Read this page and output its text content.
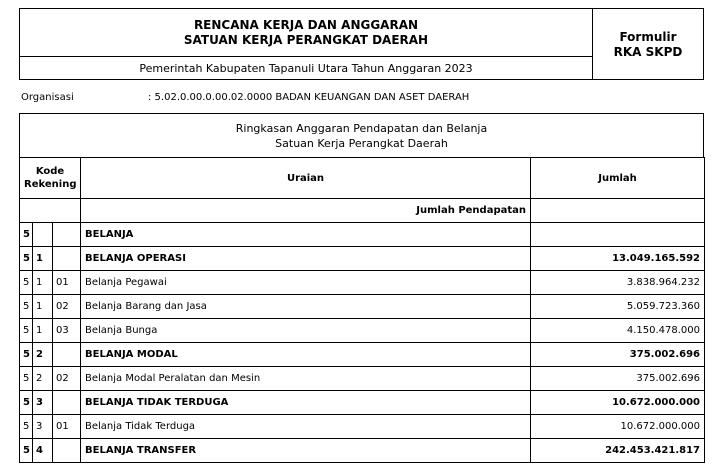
RENCANA KERJA DAN ANGGARAN
SATUAN KERJA PERANGKAT DAERAH
Pemerintah Kabupaten Tapanuli Utara Tahun Anggaran 2023
Formulir
RKA SKPD
Organisasi	: 5.02.0.00.0.00.02.0000 BADAN KEUANGAN DAN ASET DAERAH
Ringkasan Anggaran Pendapatan dan Belanja
Satuan Kerja Perangkat Daerah
Kode Rekening			Uraian	Jumlah
			Jumlah Pendapatan	
5			BELANJA	
5	1		BELANJA OPERASI	13.049.165.592
5	1	01	Belanja Pegawai	3.838.964.232
5	1	02	Belanja Barang dan Jasa	5.059.723.360
5	1	03	Belanja Bunga	4.150.478.000
5	2		BELANJA MODAL	375.002.696
5	2	02	Belanja Modal Peralatan dan Mesin	375.002.696
5	3		BELANJA TIDAK TERDUGA	10.672.000.000
5	3	01	Belanja Tidak Terduga	10.672.000.000
5	4		BELANJA TRANSFER	242.453.421.817
